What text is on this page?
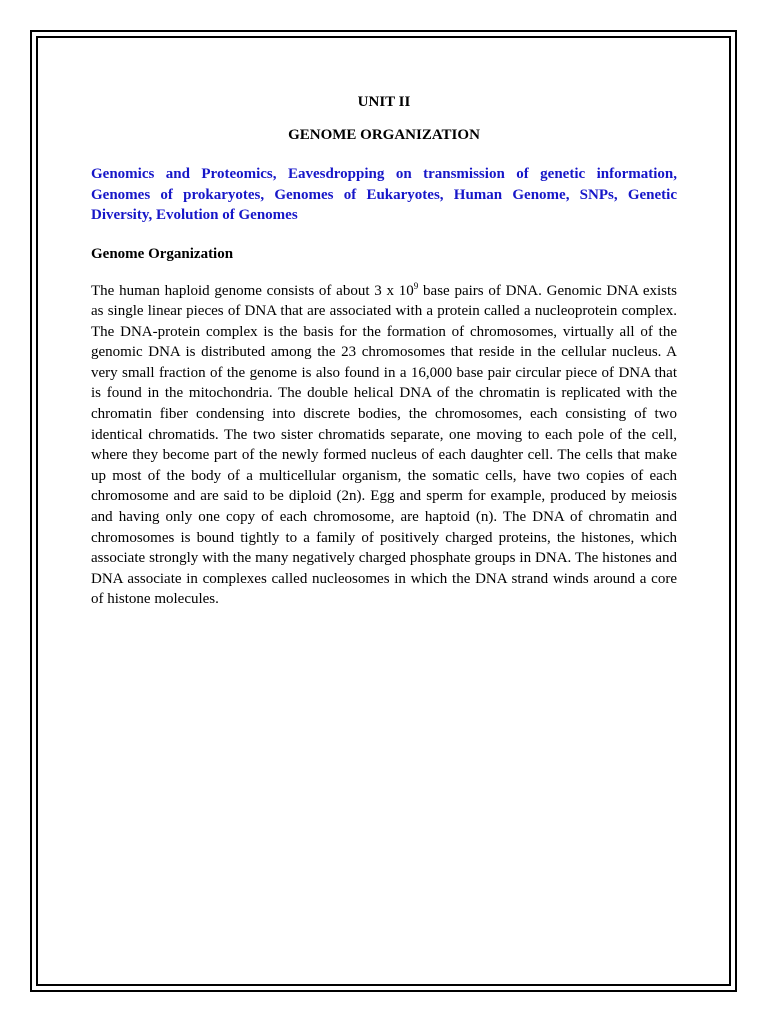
UNIT II

GENOME ORGANIZATION

Genomics and Proteomics, Eavesdropping on transmission of genetic information, Genomes of prokaryotes, Genomes of Eukaryotes, Human Genome, SNPs, Genetic Diversity, Evolution of Genomes

Genome Organization

The human haploid genome consists of about 3 x $10^9$ base pairs of DNA. Genomic DNA exists as single linear pieces of DNA that are associated with a protein called a nucleoprotein complex. The DNA-protein complex is the basis for the formation of chromosomes, virtually all of the genomic DNA is distributed among the 23 chromosomes that reside in the cellular nucleus. A very small fraction of the genome is also found in a 16,000 base pair circular piece of DNA that is found in the mitochondria. The double helical DNA of the chromatin is replicated with the chromatin fiber condensing into discrete bodies, the chromosomes, each consisting of two identical chromatids. The two sister chromatids separate, one moving to each pole of the cell, where they become part of the newly formed nucleus of each daughter cell. The cells that make up most of the body of a multicellular organism, the somatic cells, have two copies of each chromosome and are said to be diploid (2n). Egg and sperm for example, produced by meiosis and having only one copy of each chromosome, are haptoid (n). The DNA of chromatin and chromosomes is bound tightly to a family of positively charged proteins, the histones, which associate strongly with the many negatively charged phosphate groups in DNA. The histones and DNA associate in complexes called nucleosomes in which the DNA strand winds around a core of histone molecules.
